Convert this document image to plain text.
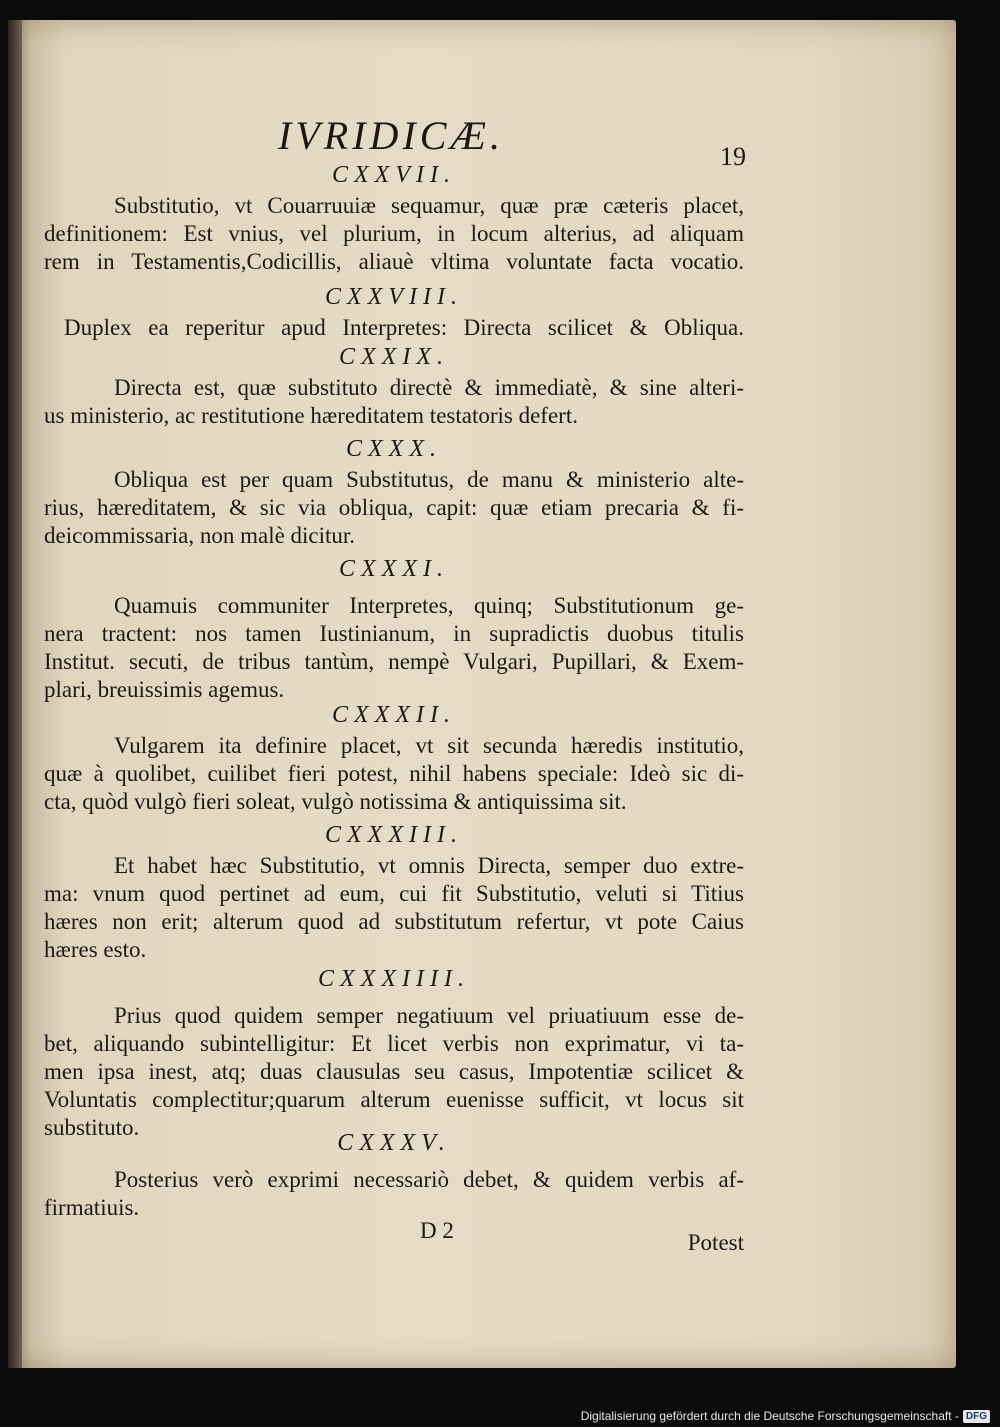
IVRIDICÆ.	19
CXXVII.
Substitutio, vt Couarruuiæ sequamur, quæ præ cæteris placet,
definitionem: Est vnius, vel plurium, in locum alterius, ad aliquam
rem in Testamentis,Codicillis, aliauè vltima voluntate facta vocatio.
CXXVIII.
Duplex ea reperitur apud Interpretes: Directa scilicet & Obliqua.
CXXIX.
Directa est, quæ substituto directè & immediatè, & sine alteri-
us ministerio, ac restitutione hæreditatem testatoris defert.
CXXX.
Obliqua est per quam Substitutus, de manu & ministerio alte-
rius, hæreditatem, & sic via obliqua, capit: quæ etiam precaria & fi-
deicommissaria, non malè dicitur.
CXXXI.
Quamuis communiter Interpretes, quinq; Substitutionum ge-
nera tractent: nos tamen Iustinianum, in supradictis duobus titulis
Institut. secuti, de tribus tantùm, nempè Vulgari, Pupillari, & Exem-
plari, breuissimis agemus.
CXXXII.
Vulgarem ita definire placet, vt sit secunda hæredis institutio,
quæ à quolibet, cuilibet fieri potest, nihil habens speciale: Ideò sic di-
cta, quòd vulgò fieri soleat, vulgò notissima & antiquissima sit.
CXXXIII.
Et habet hæc Substitutio, vt omnis Directa, semper duo extre-
ma: vnum quod pertinet ad eum, cui fit Substitutio, veluti si Titius
hæres non erit; alterum quod ad substitutum refertur, vt pote Caius
hæres esto.
CXXXIIII.
Prius quod quidem semper negatiuum vel priuatiuum esse de-
bet, aliquando subintelligitur: Et licet verbis non exprimatur, vi ta-
men ipsa inest, atq; duas clausulas seu casus, Impotentiæ scilicet &
Voluntatis complectitur;quarum alterum euenisse sufficit, vt locus sit
substituto.
CXXXV.
Posterius verò exprimi necessariò debet, & quidem verbis af-
firmatiuis.
D 2	Potest
Digitalisierung gefördert durch die Deutsche Forschungsgemeinschaft - DFG
